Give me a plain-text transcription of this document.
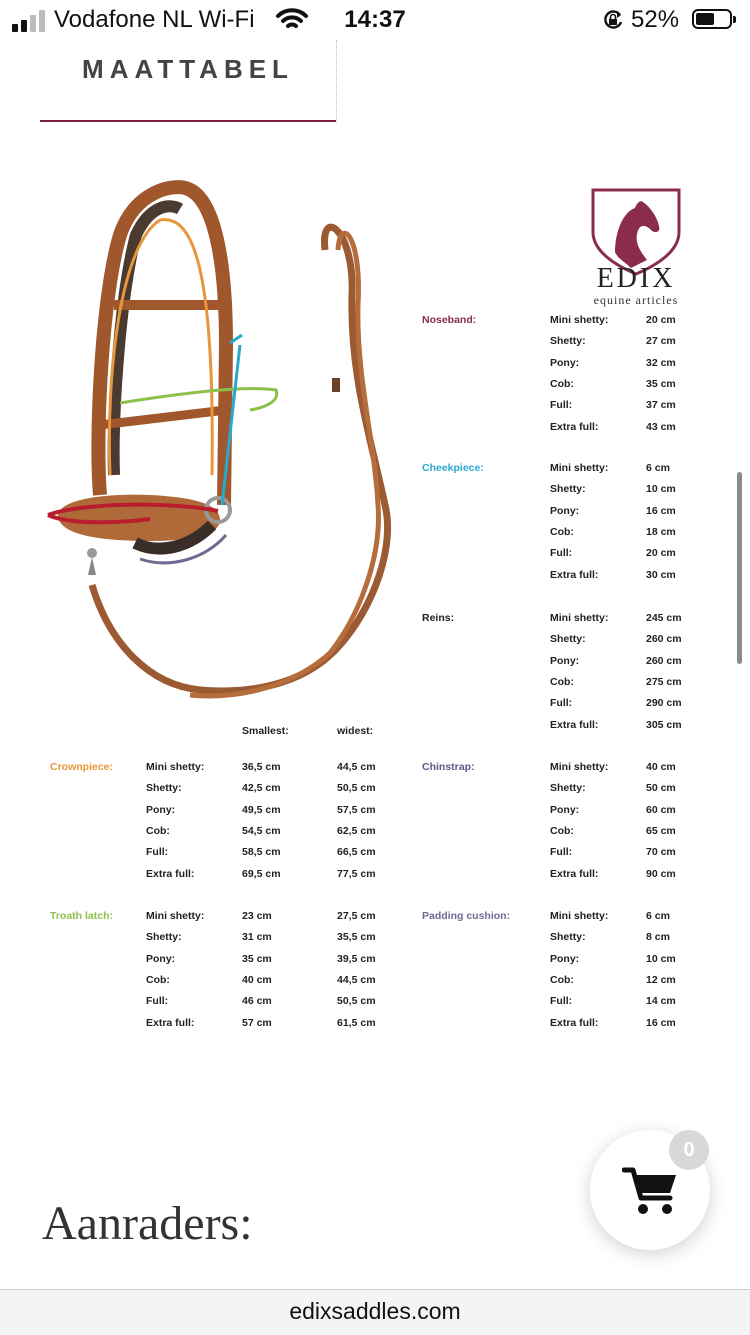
Vodafone NL Wi-Fi	14:37	52%
MAATTABEL
EDIX
equine articles
Smallest:	widest:
Noseband:	Mini shetty:	20 cm
Shetty:	27 cm
Pony:	32 cm
Cob:	35 cm
Full:	37 cm
Extra full:	43 cm
Cheekpiece:	Mini shetty:	6 cm
Shetty:	10 cm
Pony:	16 cm
Cob:	18 cm
Full:	20 cm
Extra full:	30 cm
Reins:	Mini shetty:	245 cm
Shetty:	260 cm
Pony:	260 cm
Cob:	275 cm
Full:	290 cm
Extra full:	305 cm
Crownpiece:	Mini shetty:	36,5 cm	44,5 cm
Shetty:	42,5 cm	50,5 cm
Pony:	49,5 cm	57,5 cm
Cob:	54,5 cm	62,5 cm
Full:	58,5 cm	66,5 cm
Extra full:	69,5 cm	77,5 cm
Chinstrap:	Mini shetty:	40 cm
Shetty:	50 cm
Pony:	60 cm
Cob:	65 cm
Full:	70 cm
Extra full:	90 cm
Troath latch:	Mini shetty:	23 cm	27,5 cm
Shetty:	31 cm	35,5 cm
Pony:	35 cm	39,5 cm
Cob:	40 cm	44,5 cm
Full:	46 cm	50,5 cm
Extra full:	57 cm	61,5 cm
Padding cushion:	Mini shetty:	6 cm
Shetty:	8 cm
Pony:	10 cm
Cob:	12 cm
Full:	14 cm
Extra full:	16 cm
Aanraders:
0
edixsaddles.com
